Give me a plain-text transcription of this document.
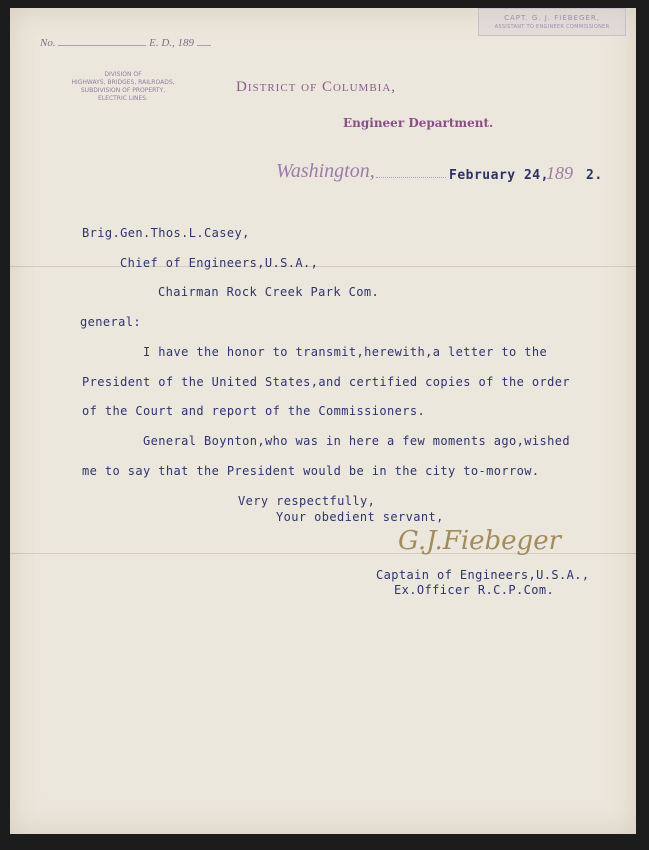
No.	E. D., 189
CAPT. G. J. FIEBEGER,
ASSISTANT TO ENGINEER COMMISSIONER
DIVISION OF
HIGHWAYS, BRIDGES, RAILROADS,
SUBDIVISION OF PROPERTY,
ELECTRIC LINES.
District of Columbia,
Engineer Department.
Washington,	February 24,
189 2.
Brig.Gen.Thos.L.Casey,
Chief of Engineers,U.S.A.,
Chairman Rock Creek Park Com.
general:
I have the honor to transmit,herewith,a letter to the
President of the United States,and certified copies of the order
of the Court and report of the Commissioners.
General Boynton,who was in here a few moments ago,wished
me to say that the President would be in the city to-morrow.
Very respectfully,
Your obedient servant,
G.J.Fiebeger
Captain of Engineers,U.S.A.,
Ex.Officer R.C.P.Com.
